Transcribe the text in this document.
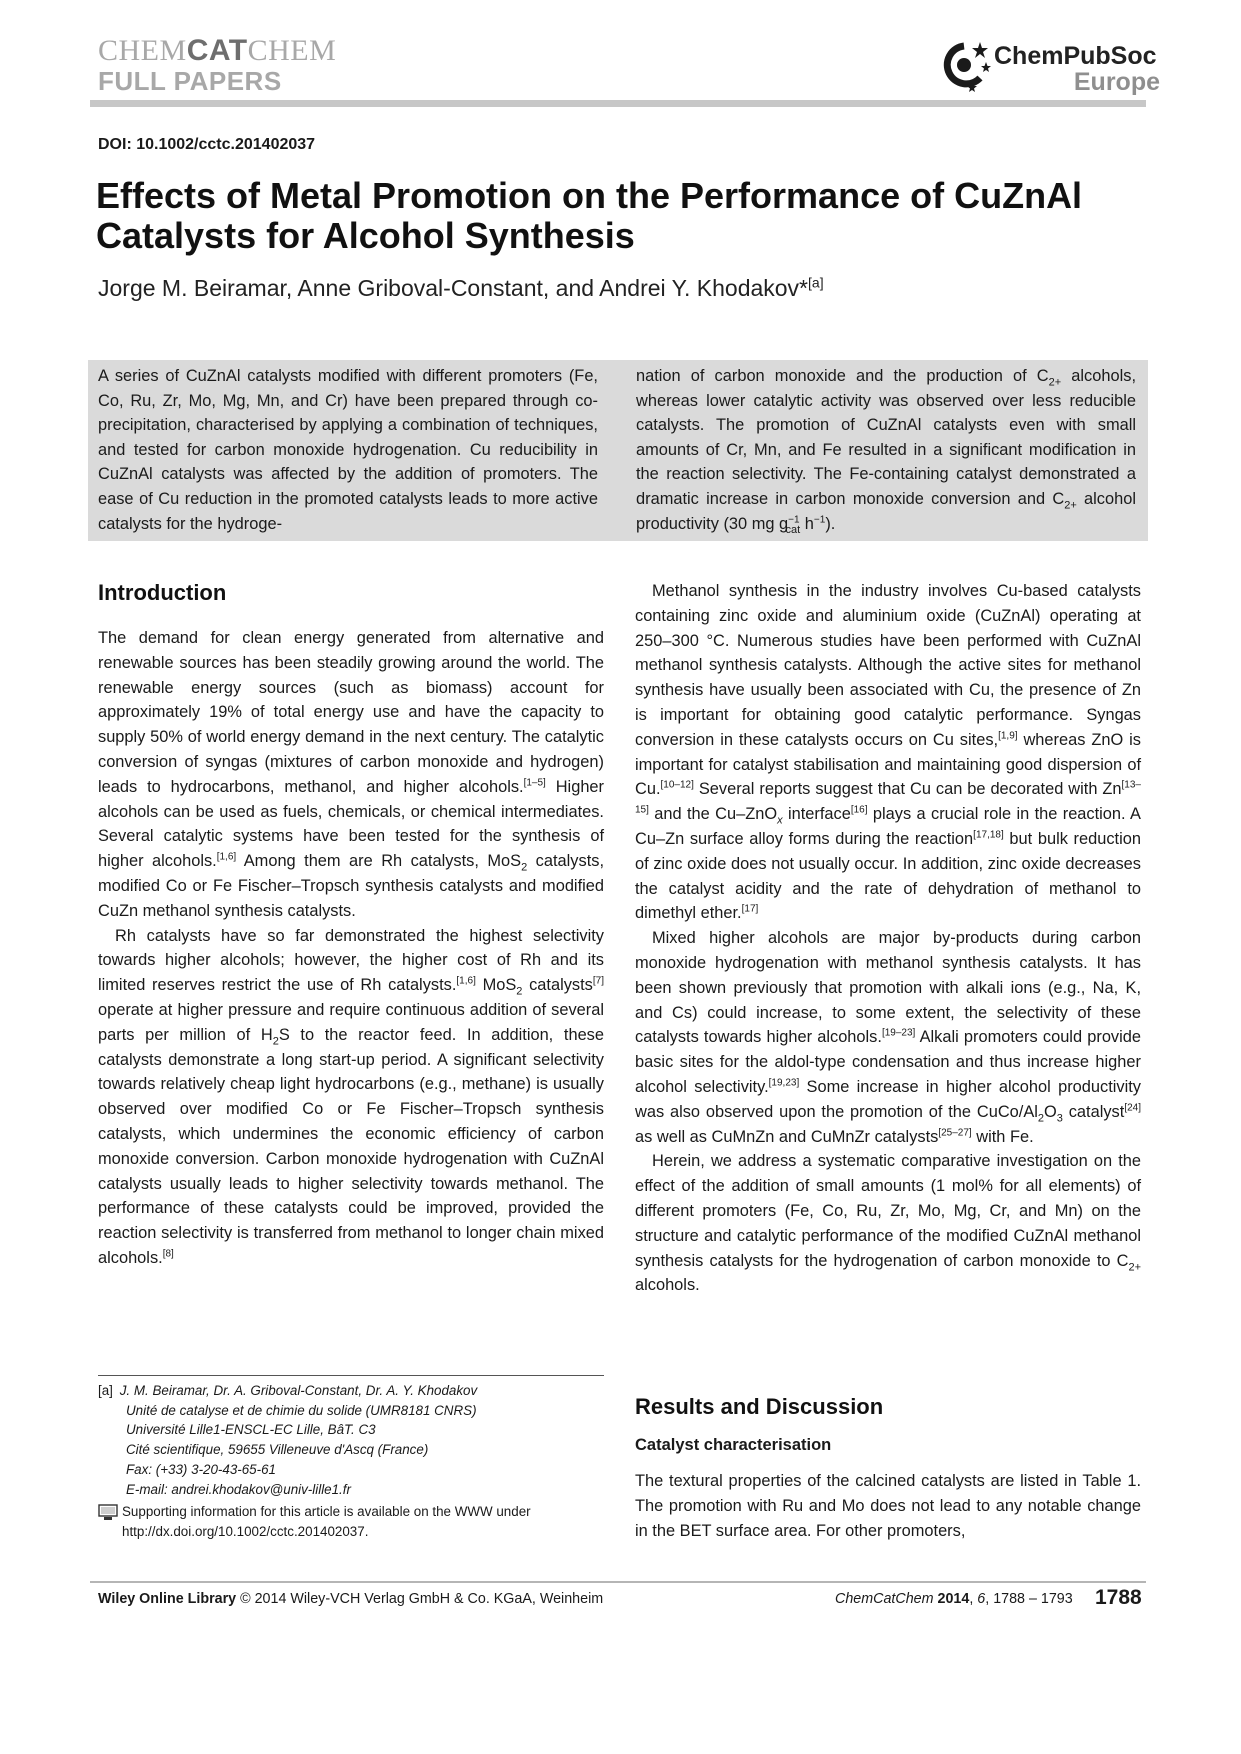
CHEMCATCHEM
FULL PAPERS
ChemPubSoc
Europe
DOI: 10.1002/cctc.201402037
Effects of Metal Promotion on the Performance of CuZnAl Catalysts for Alcohol Synthesis
Jorge M. Beiramar, Anne Griboval-Constant, and Andrei Y. Khodakov*[a]
A series of CuZnAl catalysts modified with different promoters (Fe, Co, Ru, Zr, Mo, Mg, Mn, and Cr) have been prepared through co-precipitation, characterised by applying a combination of techniques, and tested for carbon monoxide hydrogenation. Cu reducibility in CuZnAl catalysts was affected by the addition of promoters. The ease of Cu reduction in the promoted catalysts leads to more active catalysts for the hydroge-
nation of carbon monoxide and the production of $C_{2+}$ alcohols, whereas lower catalytic activity was observed over less reducible catalysts. The promotion of CuZnAl catalysts even with small amounts of Cr, Mn, and Fe resulted in a significant modification in the reaction selectivity. The Fe-containing catalyst demonstrated a dramatic increase in carbon monoxide conversion and $C_{2+}$ alcohol productivity (30 mg $g^{-1}_{cat}$ $h^{-1}$).
Introduction

The demand for clean energy generated from alternative and renewable sources has been steadily growing around the world. The renewable energy sources (such as biomass) account for approximately 19% of total energy use and have the capacity to supply 50% of world energy demand in the next century. The catalytic conversion of syngas (mixtures of carbon monoxide and hydrogen) leads to hydrocarbons, methanol, and higher alcohols.[1–5] Higher alcohols can be used as fuels, chemicals, or chemical intermediates. Several catalytic systems have been tested for the synthesis of higher alcohols.[1,6] Among them are Rh catalysts, MoS$_2$ catalysts, modified Co or Fe Fischer–Tropsch synthesis catalysts and modified CuZn methanol synthesis catalysts.

Rh catalysts have so far demonstrated the highest selectivity towards higher alcohols; however, the higher cost of Rh and its limited reserves restrict the use of Rh catalysts.[1,6] MoS$_2$ catalysts[7] operate at higher pressure and require continuous addition of several parts per million of $H_2S$ to the reactor feed. In addition, these catalysts demonstrate a long start-up period. A significant selectivity towards relatively cheap light hydrocarbons (e.g., methane) is usually observed over modified Co or Fe Fischer–Tropsch synthesis catalysts, which undermines the economic efficiency of carbon monoxide conversion. Carbon monoxide hydrogenation with CuZnAl catalysts usually leads to higher selectivity towards methanol. The performance of these catalysts could be improved, provided the reaction selectivity is transferred from methanol to longer chain mixed alcohols.[8]

Methanol synthesis in the industry involves Cu-based catalysts containing zinc oxide and aluminium oxide (CuZnAl) operating at 250–300 °C. Numerous studies have been performed with CuZnAl methanol synthesis catalysts. Although the active sites for methanol synthesis have usually been associated with Cu, the presence of Zn is important for obtaining good catalytic performance. Syngas conversion in these catalysts occurs on Cu sites,[1,9] whereas ZnO is important for catalyst stabilisation and maintaining good dispersion of Cu.[10–12] Several reports suggest that Cu can be decorated with Zn[13–15] and the Cu–ZnO$_x$ interface[16] plays a crucial role in the reaction. A Cu–Zn surface alloy forms during the reaction[17,18] but bulk reduction of zinc oxide does not usually occur. In addition, zinc oxide decreases the catalyst acidity and the rate of dehydration of methanol to dimethyl ether.[17]

Mixed higher alcohols are major by-products during carbon monoxide hydrogenation with methanol synthesis catalysts. It has been shown previously that promotion with alkali ions (e.g., Na, K, and Cs) could increase, to some extent, the selectivity of these catalysts towards higher alcohols.[19–23] Alkali promoters could provide basic sites for the aldol-type condensation and thus increase higher alcohol selectivity.[19,23] Some increase in higher alcohol productivity was also observed upon the promotion of the CuCo/$Al_2O_3$ catalyst[24] as well as CuMnZn and CuMnZr catalysts[25–27] with Fe.

Herein, we address a systematic comparative investigation on the effect of the addition of small amounts (1 mol% for all elements) of different promoters (Fe, Co, Ru, Zr, Mo, Mg, Cr, and Mn) on the structure and catalytic performance of the modified CuZnAl methanol synthesis catalysts for the hydrogenation of carbon monoxide to $C_{2+}$ alcohols.

[a] J. M. Beiramar, Dr. A. Griboval-Constant, Dr. A. Y. Khodakov
Unité de catalyse et de chimie du solide (UMR8181 CNRS)
Université Lille1-ENSCL-EC Lille, BâT. C3
Cité scientifique, 59655 Villeneuve d'Ascq (France)
Fax: (+33) 3-20-43-65-61
E-mail: andrei.khodakov@univ-lille1.fr
Supporting information for this article is available on the WWW under http://dx.doi.org/10.1002/cctc.201402037.
Results and Discussion
Catalyst characterisation

The textural properties of the calcined catalysts are listed in Table 1. The promotion with Ru and Mo does not lead to any notable change in the BET surface area. For other promoters,

Wiley Online Library © 2014 Wiley-VCH Verlag GmbH & Co. KGaA, Weinheim	ChemCatChem 2014, 6, 1788 – 1793 1788
